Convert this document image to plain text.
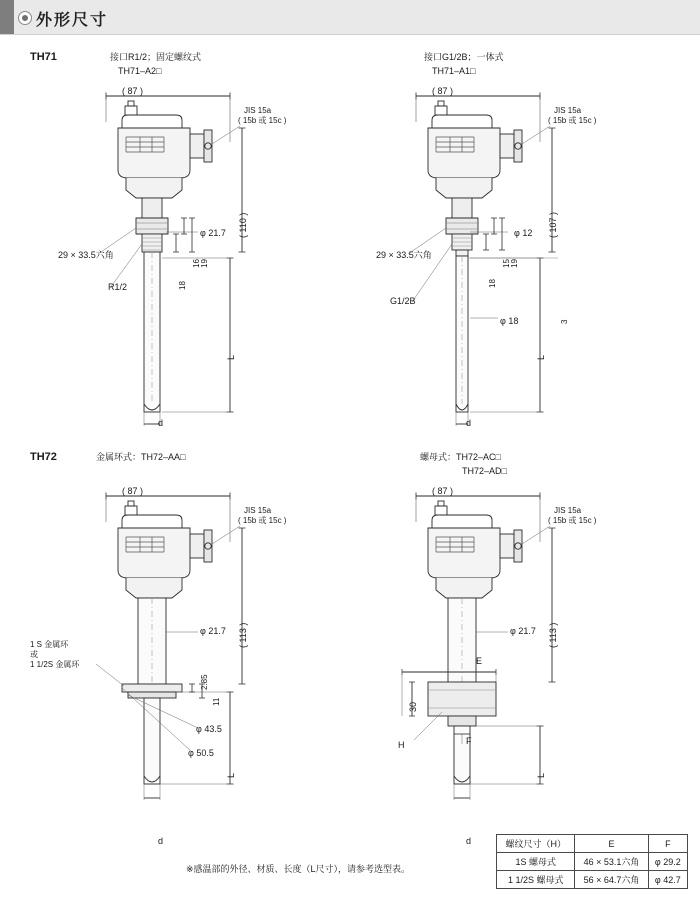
外形尺寸
TH71	接口R1/2；固定螺纹式
TH71–A2□
( 87 )
JIS 15a
( 15b 或 15c )
( 110 )
φ 21.7
29 × 33.5六角
R1/2
19
16
18
L
d
接口G1/2B；一体式
TH71–A1□
( 87 )
JIS 15a
( 15b 或 15c )
( 107 )
φ 12
29 × 33.5六角
G1/2B
19
15
18
φ 18	3
L
d
TH72	金属环式：TH72–AA□
( 87 )
JIS 15a
( 15b 或 15c )
( 113 )
φ 21.7
1 S 金属环
或
1 1/2S 金属环
2.85
11
φ 43.5
φ 50.5
L
d
螺母式：TH72–AC□
TH72–AD□
( 87 )
JIS 15a
( 15b 或 15c )
( 113 )
φ 21.7
E
30
H	F
L
d
※感温部的外径、材质、长度（L尺寸），请参考选型表。
螺纹尺寸（H）	E	F
1S 螺母式	46 × 53.1六角	φ 29.2
1 1/2S 螺母式	56 × 64.7六角	φ 42.7
